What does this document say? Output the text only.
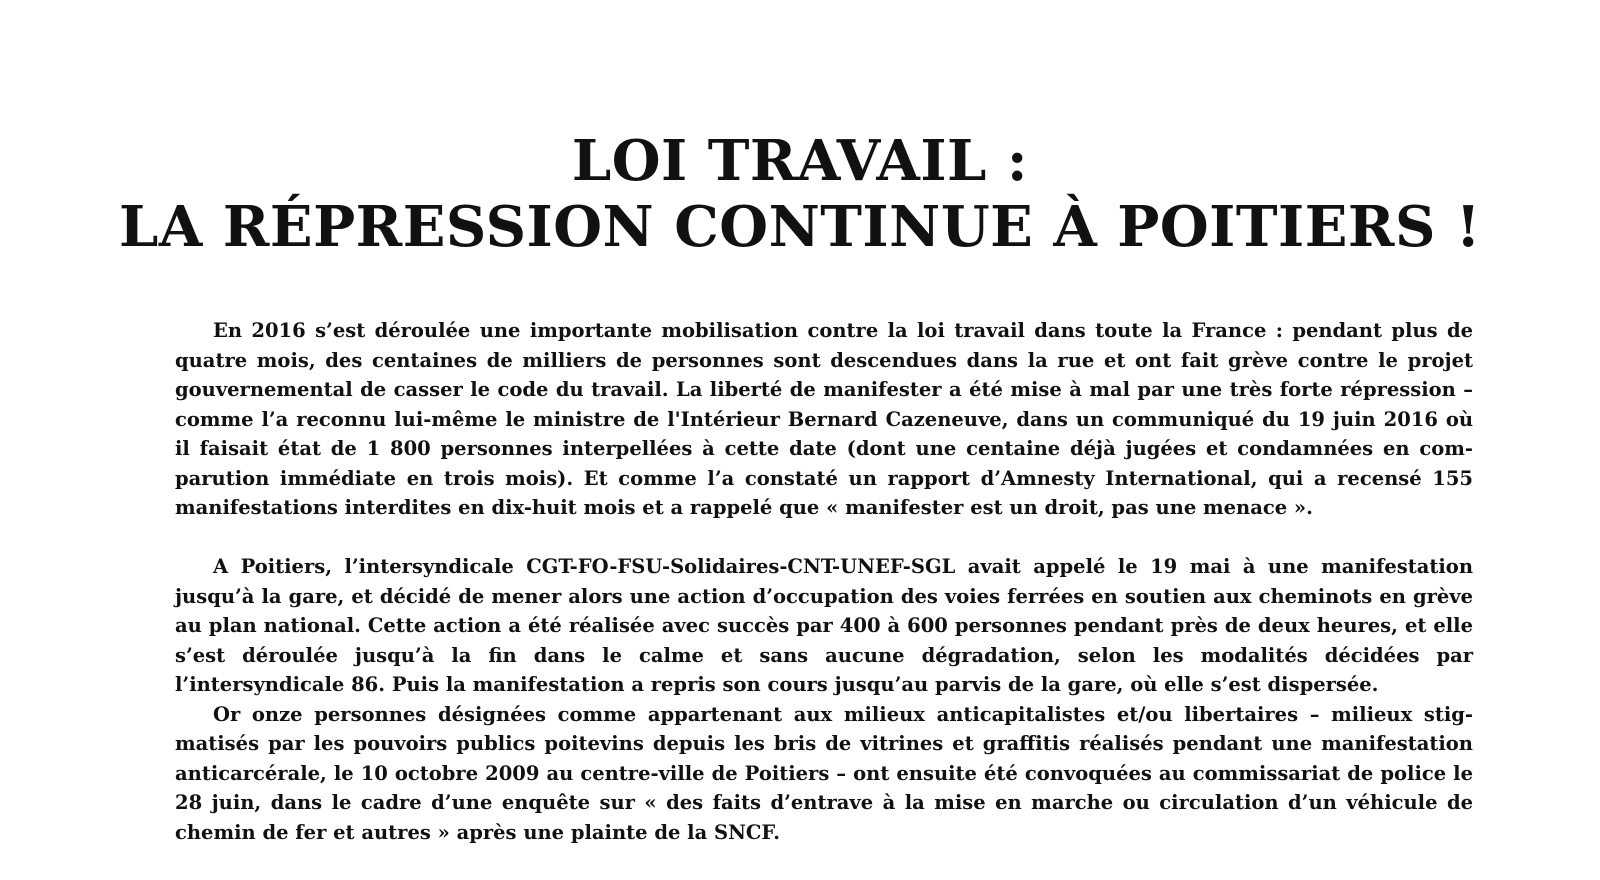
LOI TRAVAIL :
LA RÉPRESSION CONTINUE À POITIERS !

En 2016 s’est déroulée une importante mobilisation contre la loi travail dans toute la France : pendant plus de quatre mois, des centaines de milliers de personnes sont descendues dans la rue et ont fait grève contre le projet gouvernemental de casser le code du travail. La liberté de manifester a été mise à mal par une très forte répression – comme l’a reconnu lui-même le ministre de l'Intérieur Bernard Cazeneuve, dans un communiqué du 19 juin 2016 où il faisait état de 1 800 personnes interpellées à cette date (dont une centaine déjà jugées et condamnées en comparution immédiate en trois mois). Et comme l’a constaté un rapport d’Amnesty International, qui a recensé 155 manifestations interdites en dix-huit mois et a rappelé que « manifester est un droit, pas une menace ».

A Poitiers, l’intersyndicale CGT-FO-FSU-Solidaires-CNT-UNEF-SGL avait appelé le 19 mai à une manifestation jusqu’à la gare, et décidé de mener alors une action d’occupation des voies ferrées en soutien aux cheminots en grève au plan national. Cette action a été réalisée avec succès par 400 à 600 personnes pendant près de deux heures, et elle s’est déroulée jusqu’à la fin dans le calme et sans aucune dégradation, selon les modalités décidées par l’intersyndicale 86. Puis la manifestation a repris son cours jusqu’au parvis de la gare, où elle s’est dispersée.

Or onze personnes désignées comme appartenant aux milieux anticapitalistes et/ou libertaires – milieux stigmatisés par les pouvoirs publics poitevins depuis les bris de vitrines et graffitis réalisés pendant une manifestation anticarcérale, le 10 octobre 2009 au centre-ville de Poitiers – ont ensuite été convoquées au commissariat de police le 28 juin, dans le cadre d’une enquête sur « des faits d’entrave à la mise en marche ou circulation d’un véhicule de chemin de fer et autres » après une plainte de la SNCF.
